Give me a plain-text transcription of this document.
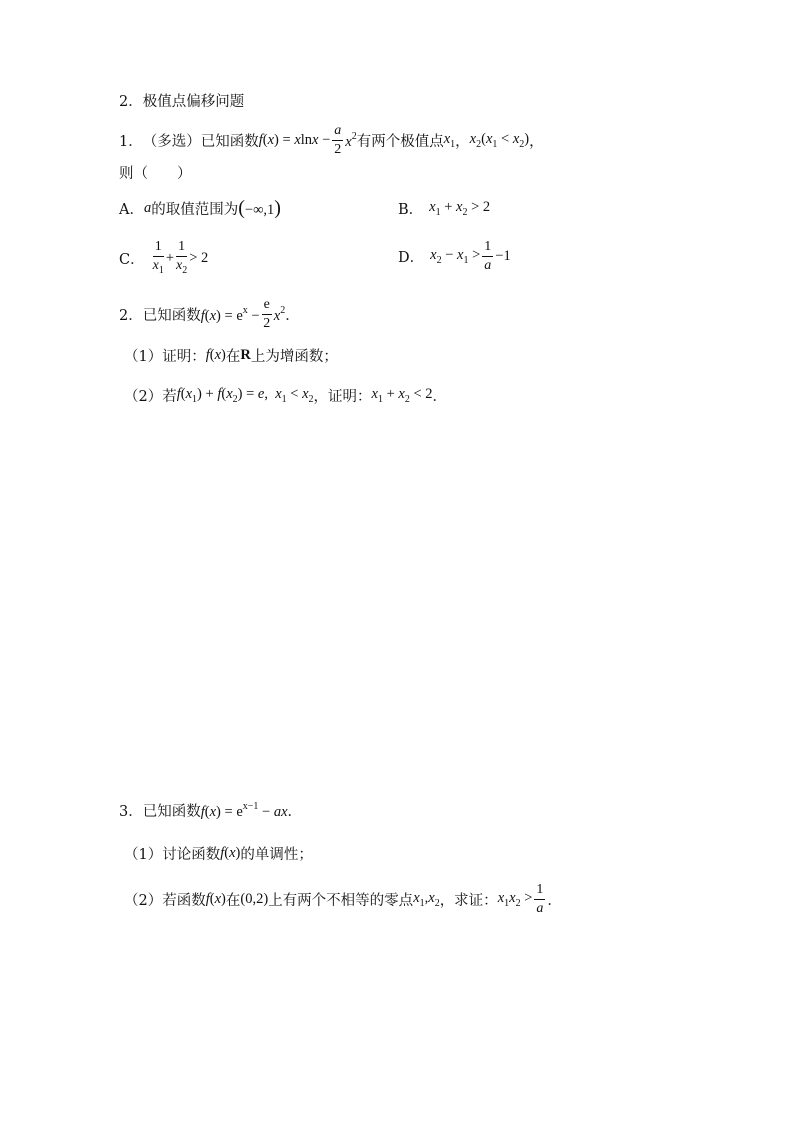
2．极值点偏移问题
1． （多选） 已知函数 $f(x) = xlnx - \frac{a}{2} x^2$ 有两个极值点 $x_1$ ， $x_2(x_1 < x_2)$ ，
则（　　）
A． a 的取值范围为 (−∞,1)	B． $x_1 + x_2 > 2$
C． $\frac{1}{x_1} + \frac{1}{x_2} > 2$	D． $x_2 - x_1 > \frac{1}{a} -1$
2． 已知函数 $f(x) = e^x - \frac{e}{2} x^2$ ．
（1） 证明： f(x) 在 R 上为增函数；
（2） 若 $f(x_1) + f(x_2) = e$,  $x_1 < x_2$ ，证明： $x_1 + x_2 < 2$ ．
3． 已知函数 $f(x) = e^{x-1}$ − ax ．
（1） 讨论函数 f(x) 的单调性；
（2） 若函数 f(x) 在 (0,2) 上有两个不相等的零点 $x_1,x_2$ ，求证： $x_1x_2 > \frac{1}{a}$ ．
